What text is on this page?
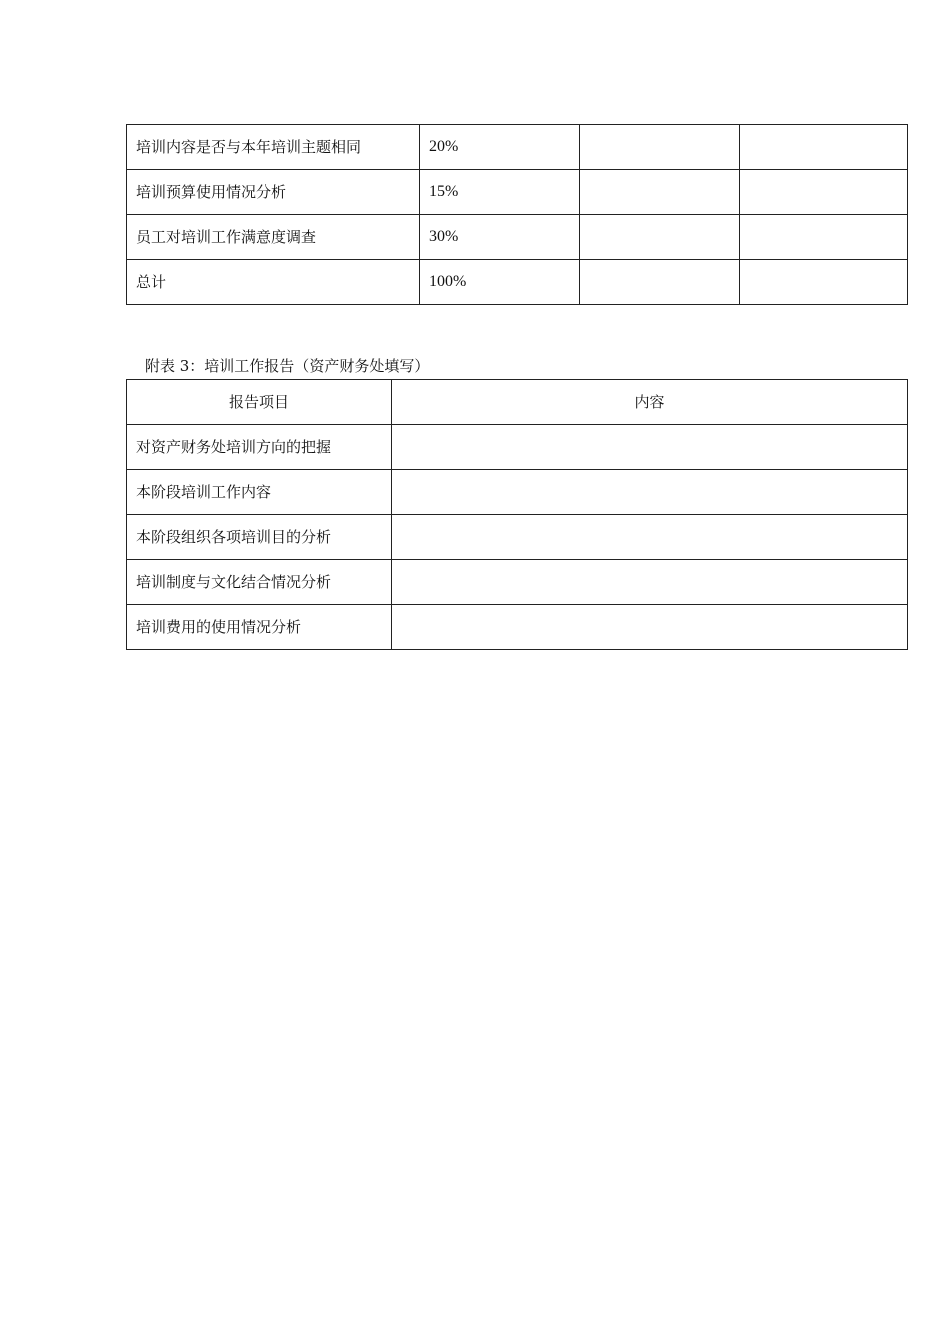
培训内容是否与本年培训主题相同	20%		
培训预算使用情况分析	15%		
员工对培训工作满意度调查	30%		
总计	100%		
附表 3：培训工作报告（资产财务处填写）
报告项目	内容
对资产财务处培训方向的把握	
本阶段培训工作内容	
本阶段组织各项培训目的分析	
培训制度与文化结合情况分析	
培训费用的使用情况分析	
